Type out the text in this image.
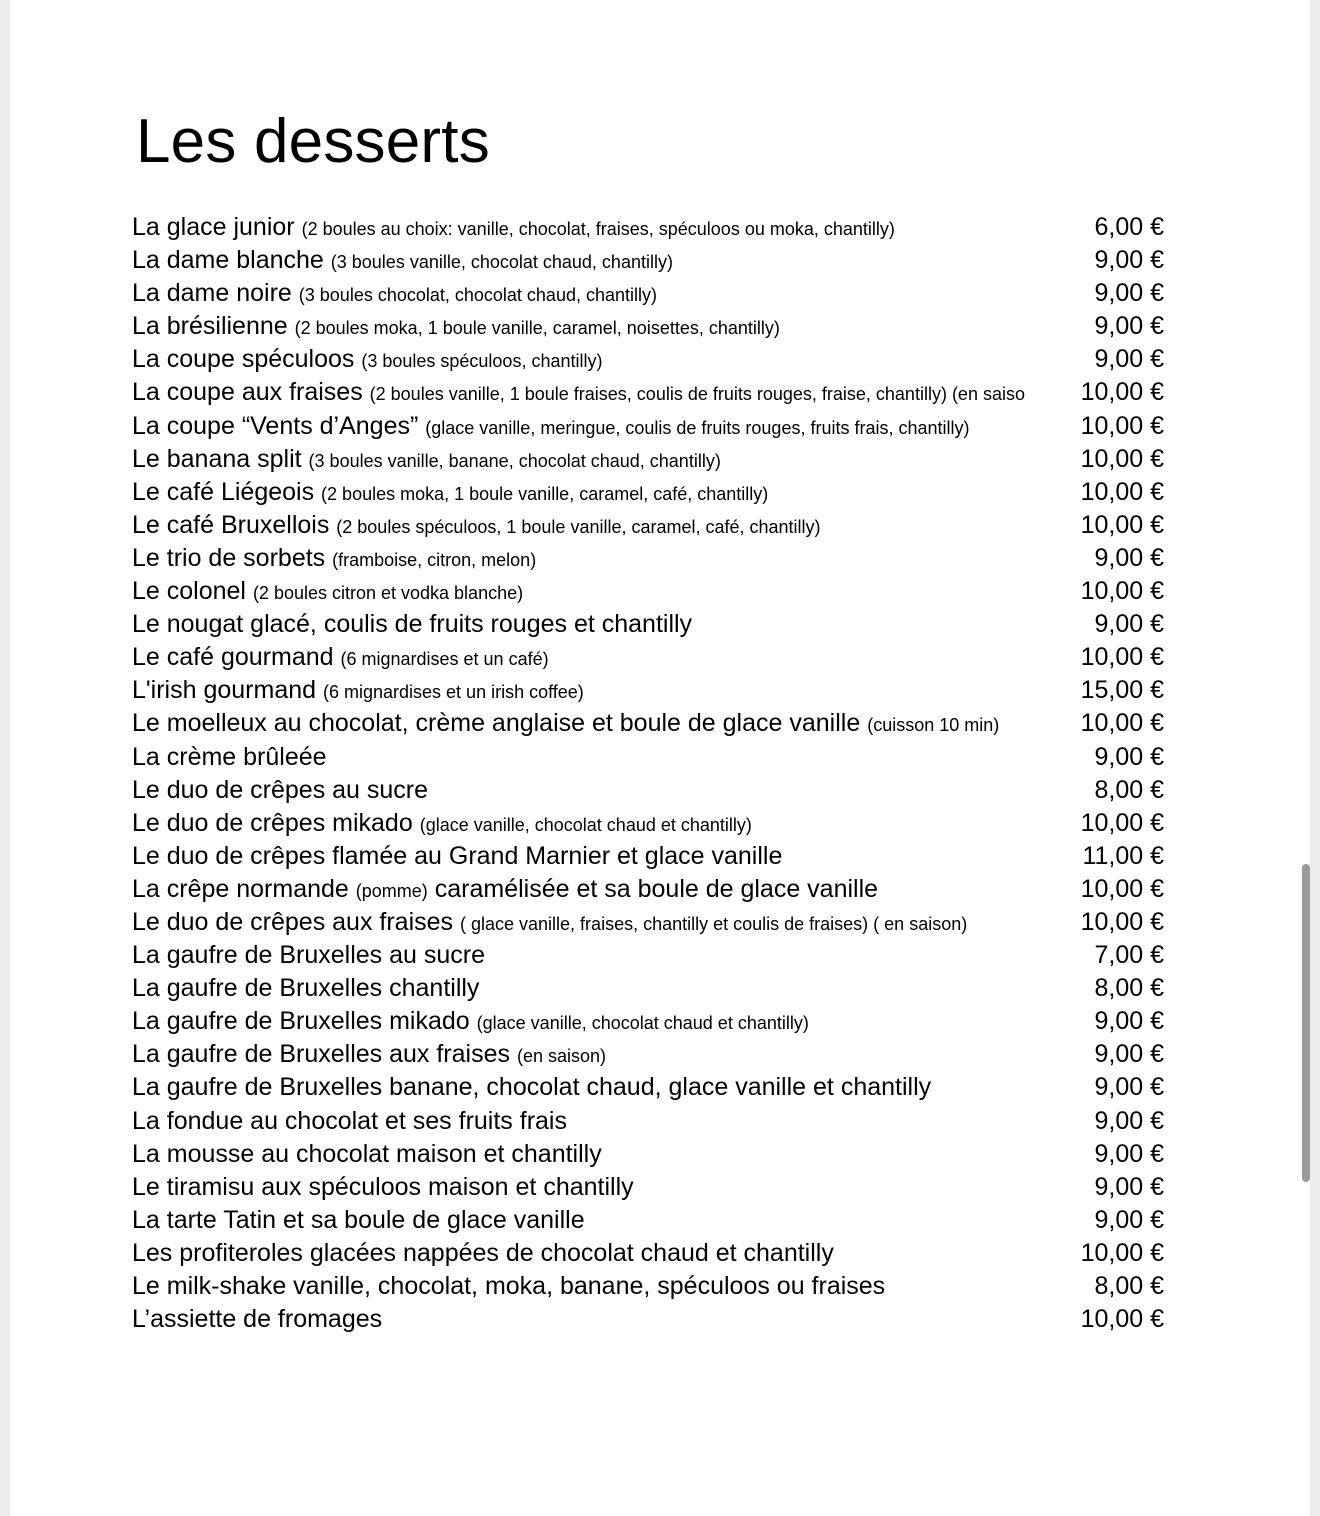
Les desserts
La glace junior (2 boules au choix: vanille, chocolat, fraises, spéculoos ou moka, chantilly)	6,00 €
La dame blanche (3 boules vanille, chocolat chaud, chantilly)	9,00 €
La dame noire (3 boules chocolat, chocolat chaud, chantilly)	9,00 €
La brésilienne (2 boules moka, 1 boule vanille, caramel, noisettes, chantilly)	9,00 €
La coupe spéculoos (3 boules spéculoos, chantilly)	9,00 €
La coupe aux fraises (2 boules vanille, 1 boule fraises, coulis de fruits rouges, fraise, chantilly) (en saiso	10,00 €
La coupe “Vents d’Anges” (glace vanille, meringue, coulis de fruits rouges, fruits frais, chantilly)	10,00 €
Le banana split (3 boules vanille, banane, chocolat chaud, chantilly)	10,00 €
Le café Liégeois (2 boules moka, 1 boule vanille, caramel, café, chantilly)	10,00 €
Le café Bruxellois (2 boules spéculoos, 1 boule vanille, caramel, café, chantilly)	10,00 €
Le trio de sorbets (framboise, citron, melon)	9,00 €
Le colonel (2 boules citron et vodka blanche)	10,00 €
Le nougat glacé, coulis de fruits rouges et chantilly	9,00 €
Le café gourmand (6 mignardises et un café)	10,00 €
L'irish gourmand (6 mignardises et un irish coffee)	15,00 €
Le moelleux au chocolat, crème anglaise et boule de glace vanille (cuisson 10 min)	10,00 €
La crème brûleée	9,00 €
Le duo de crêpes au sucre	8,00 €
Le duo de crêpes mikado (glace vanille, chocolat chaud et chantilly)	10,00 €
Le duo de crêpes flamée au Grand Marnier et glace vanille	11,00 €
La crêpe normande (pomme) caramélisée et sa boule de glace vanille	10,00 €
Le duo de crêpes aux fraises ( glace vanille, fraises, chantilly et coulis de fraises) ( en saison)	10,00 €
La gaufre de Bruxelles au sucre	7,00 €
La gaufre de Bruxelles chantilly	8,00 €
La gaufre de Bruxelles mikado (glace vanille, chocolat chaud et chantilly)	9,00 €
La gaufre de Bruxelles aux fraises (en saison)	9,00 €
La gaufre de Bruxelles banane, chocolat chaud, glace vanille et chantilly	9,00 €
La fondue au chocolat et ses fruits frais	9,00 €
La mousse au chocolat maison et chantilly	9,00 €
Le tiramisu aux spéculoos maison et chantilly	9,00 €
La tarte Tatin et sa boule de glace vanille	9,00 €
Les profiteroles glacées nappées de chocolat chaud et chantilly	10,00 €
Le milk-shake vanille, chocolat, moka, banane, spéculoos ou fraises	8,00 €
L’assiette de fromages	10,00 €
